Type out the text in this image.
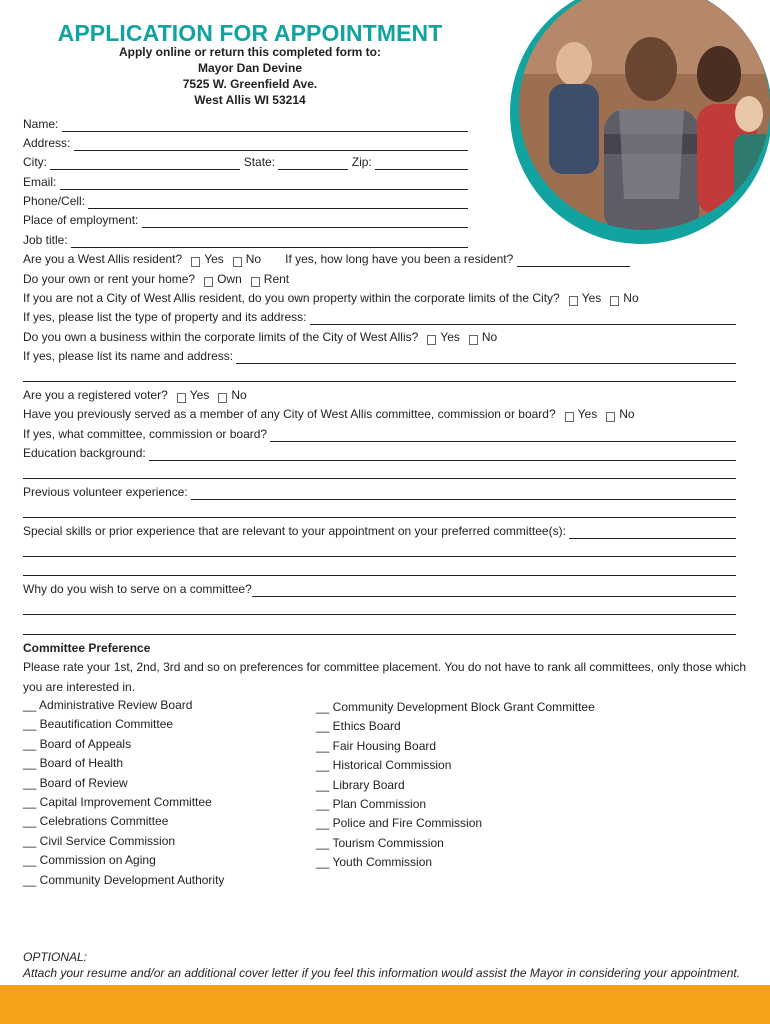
APPLICATION FOR APPOINTMENT
Apply online or return this completed form to:
Mayor Dan Devine
7525 W. Greenfield Ave.
West Allis WI 53214
Name:

Address:

City:

	State:

	Zip:

Email:

Phone/Cell:

Place of employment:

Job title:

Are you a West Allis resident? Yes No If yes, how long have you been a resident?

Do your own or rent your home? Own Rent
If you are not a City of West Allis resident, do you own property within the corporate limits of the City? Yes No
If yes, please list the type of property and its address:

Do you own a business within the corporate limits of the City of West Allis? Yes No
If yes, please list its name and address:

Are you a registered voter? Yes No
Have you previously served as a member of any City of West Allis committee, commission or board? Yes No
If yes, what committee, commission or board?

Education background:

Previous volunteer experience:

Special skills or prior experience that are relevant to your appointment on your preferred committee(s):

Why do you wish to serve on a committee?
Committee Preference
Please rate your 1st, 2nd, 3rd and so on preferences for committee placement. You do not have to rank all committees, only those which you are interested in.
__ Administrative Review Board
__ Beautification Committee
__ Board of Appeals
__ Board of Health
__ Board of Review
__ Capital Improvement Committee
__ Celebrations Committee
__ Civil Service Commission
__ Commission on Aging
__ Community Development Authority
__ Community Development Block Grant Committee
__ Ethics Board
__ Fair Housing Board
__ Historical Commission
__ Library Board
__ Plan Commission
__ Police and Fire Commission
__ Tourism Commission
__ Youth Commission
OPTIONAL:
Attach your resume and/or an additional cover letter if you feel this information would assist the Mayor in considering your appointment.
